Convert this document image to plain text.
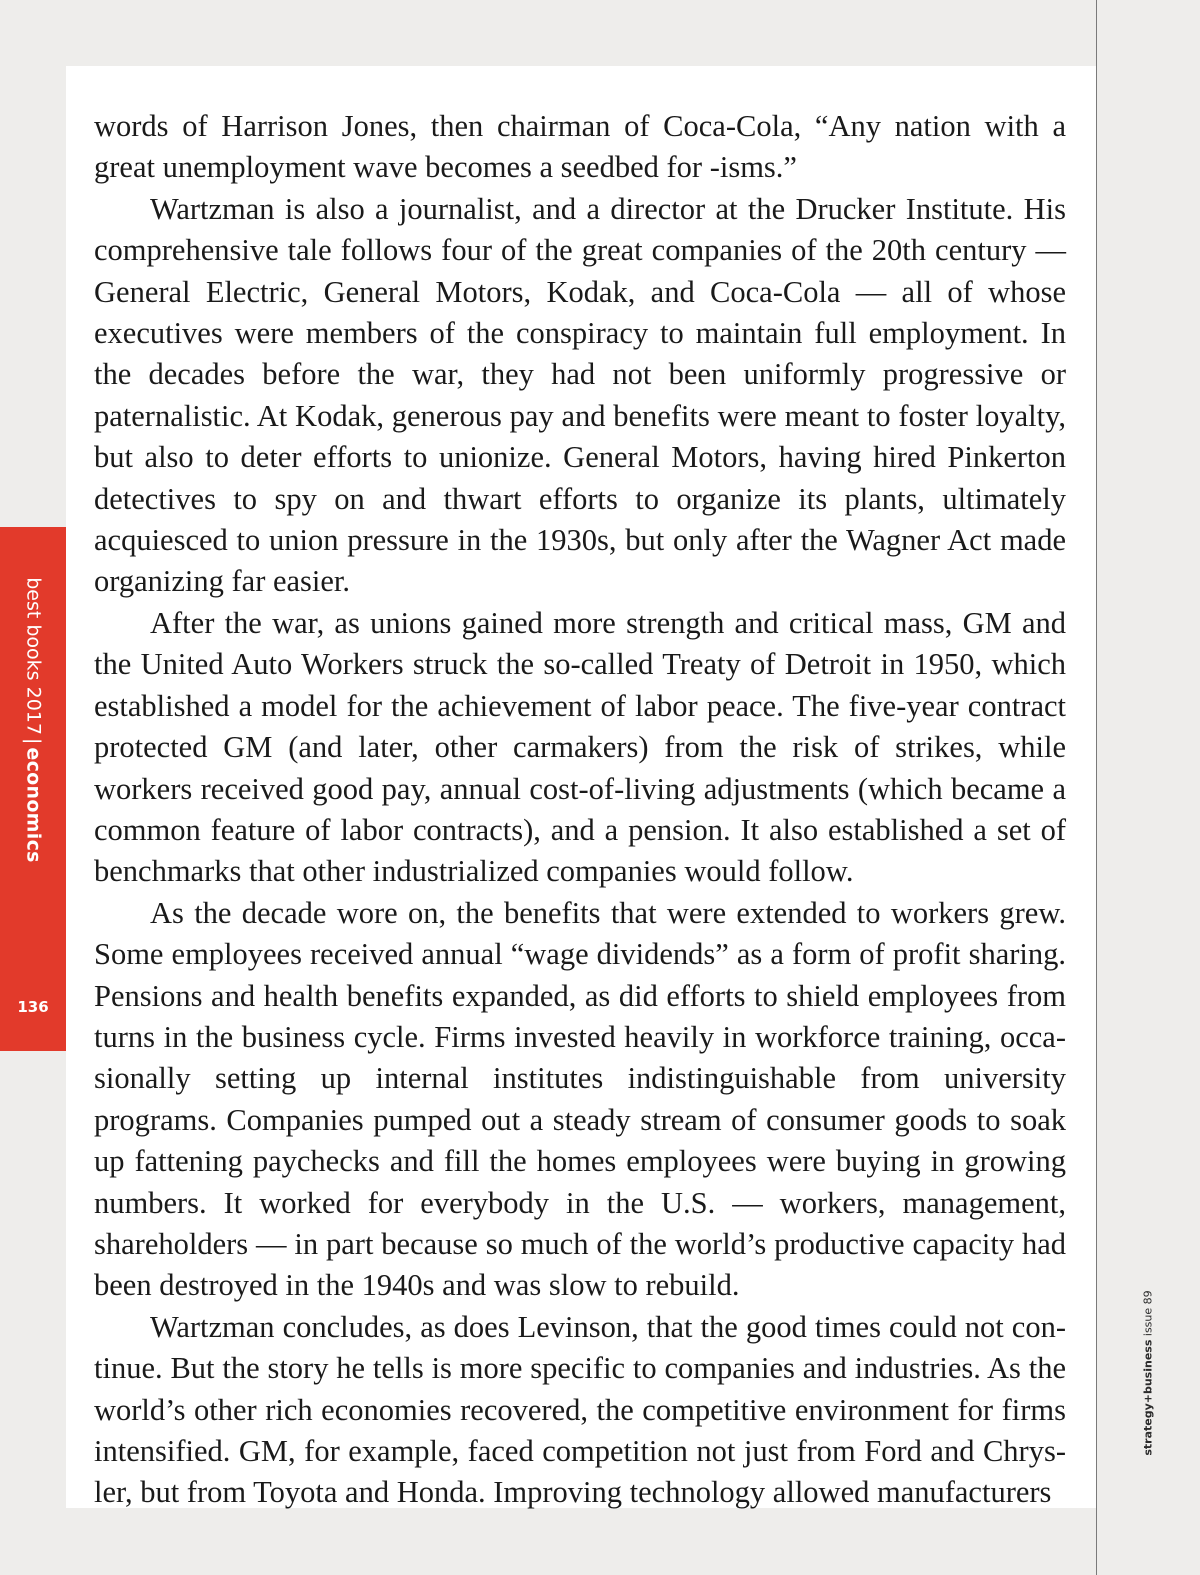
best books 2017|economics
136
strategy+business issue 89

words of Harrison Jones, then chairman of Coca-Cola, “Any nation with a great unemployment wave becomes a seedbed for -isms.”

Wartzman is also a journalist, and a director at the Drucker Institute. His comprehensive tale follows four of the great companies of the 20th century — General Electric, General Motors, Kodak, and Coca-Cola — all of whose executives were members of the conspiracy to maintain full employment. In the decades before the war, they had not been uniformly progressive or paternalistic. At Kodak, generous pay and benefits were meant to foster loyalty, but also to deter efforts to unionize. General Motors, having hired Pinkerton detectives to spy on and thwart efforts to organize its plants, ultimately acquiesced to union pressure in the 1930s, but only after the Wagner Act made organizing far easier.

After the war, as unions gained more strength and critical mass, GM and the United Auto Workers struck the so-called Treaty of Detroit in 1950, which established a model for the achievement of labor peace. The five-year contract protected GM (and later, other carmakers) from the risk of strikes, while workers received good pay, annual cost-of-living adjustments (which became a common feature of labor contracts), and a pension. It also established a set of benchmarks that other industrialized companies would follow.

As the decade wore on, the benefits that were extended to workers grew. Some employees received annual “wage dividends” as a form of profit sharing. Pensions and health benefits expanded, as did efforts to shield employees from turns in the business cycle. Firms invested heavily in workforce training, occa-sionally setting up internal institutes indistinguishable from university programs. Companies pumped out a steady stream of consumer goods to soak up fattening paychecks and fill the homes employees were buying in growing numbers. It worked for everybody in the U.S. — workers, management, shareholders — in part because so much of the world’s productive capacity had been destroyed in the 1940s and was slow to rebuild.

Wartzman concludes, as does Levinson, that the good times could not con-tinue. But the story he tells is more specific to companies and industries. As the world’s other rich economies recovered, the competitive environment for firms intensified. GM, for example, faced competition not just from Ford and Chrys-ler, but from Toyota and Honda. Improving technology allowed manufacturers
